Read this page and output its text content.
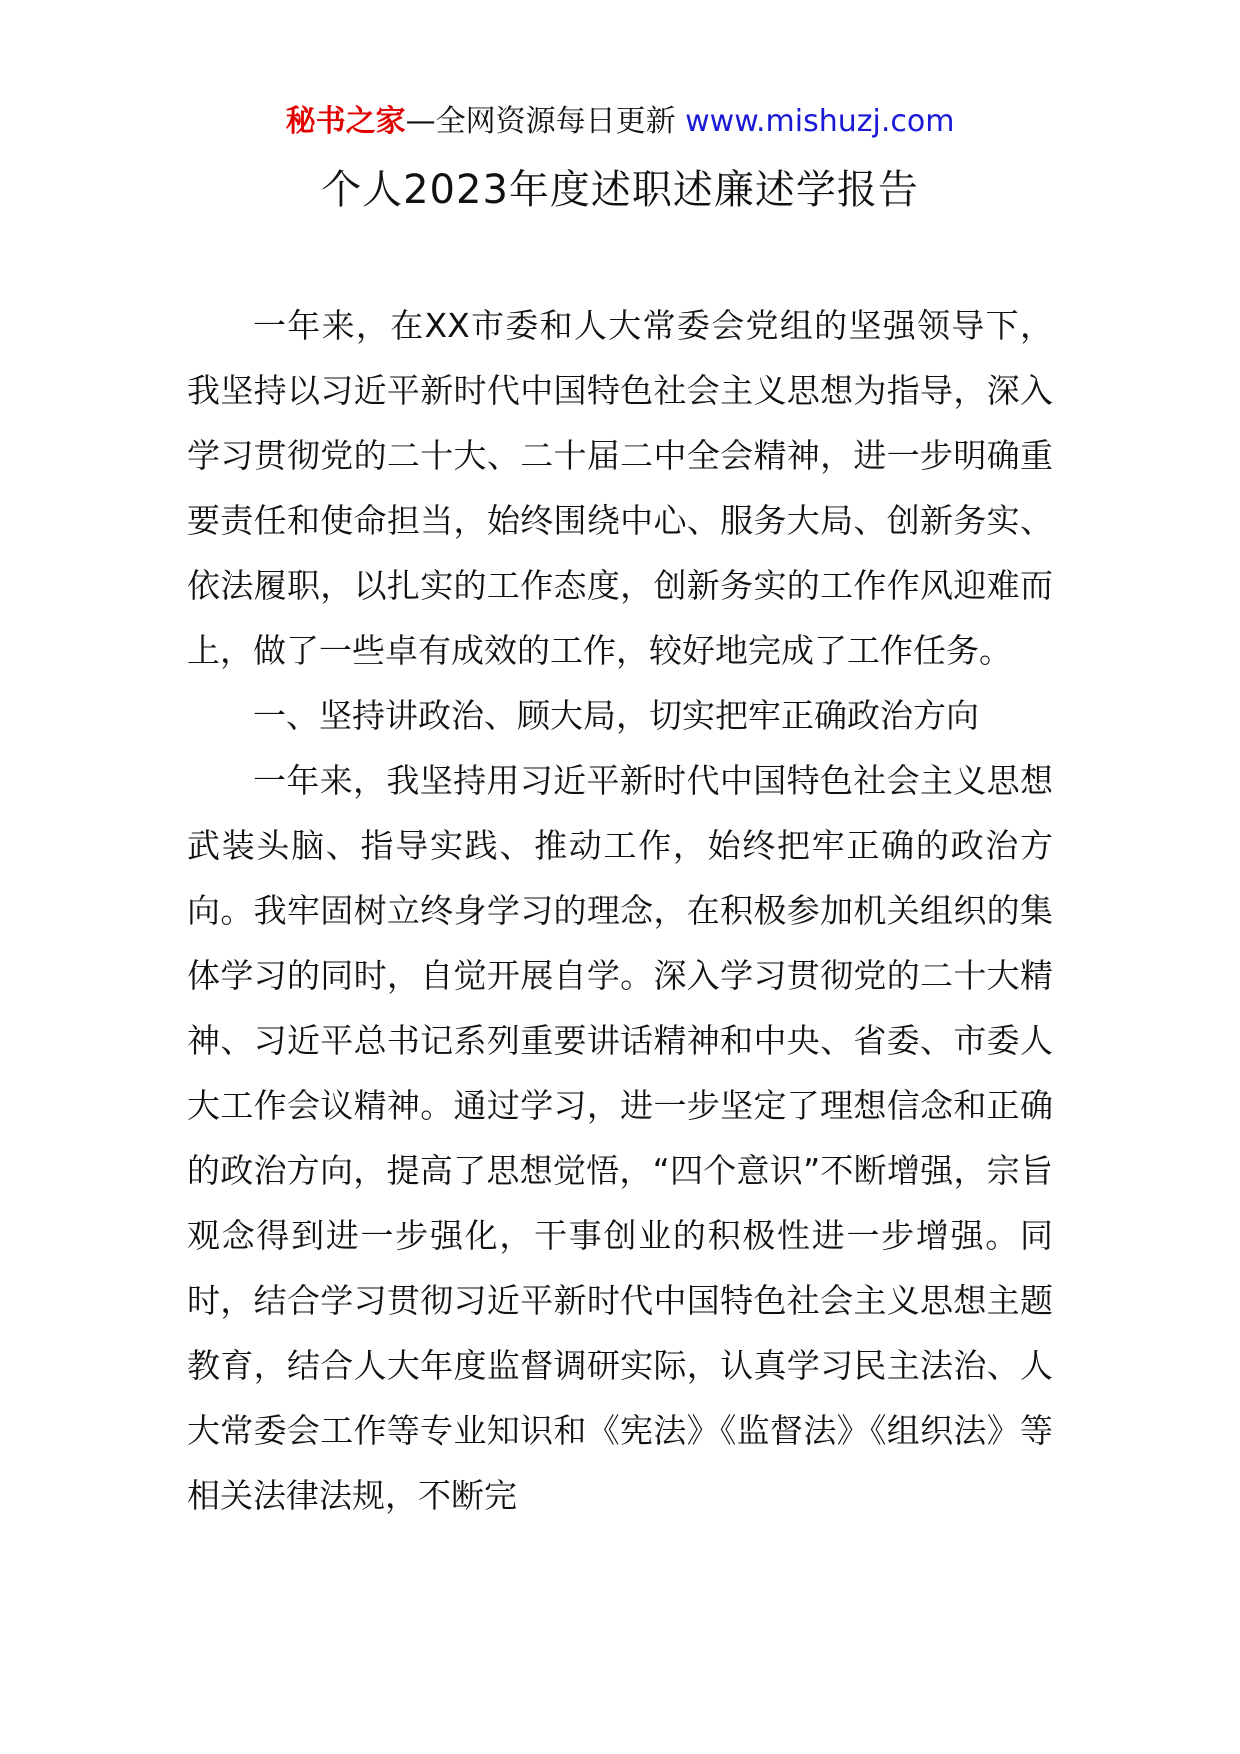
秘书之家—全网资源每日更新 www.mishuzj.com
个人2023年度述职述廉述学报告

一年来，在XX市委和人大常委会党组的坚强领导下，我坚持以习近平新时代中国特色社会主义思想为指导，深入学习贯彻党的二十大、二十届二中全会精神，进一步明确重要责任和使命担当，始终围绕中心、服务大局、创新务实、依法履职，以扎实的工作态度，创新务实的工作作风迎难而上，做了一些卓有成效的工作，较好地完成了工作任务。

一、坚持讲政治、顾大局，切实把牢正确政治方向

一年来，我坚持用习近平新时代中国特色社会主义思想武装头脑、指导实践、推动工作，始终把牢正确的政治方向。我牢固树立终身学习的理念，在积极参加机关组织的集体学习的同时，自觉开展自学。深入学习贯彻党的二十大精神、习近平总书记系列重要讲话精神和中央、省委、市委人大工作会议精神。通过学习，进一步坚定了理想信念和正确的政治方向，提高了思想觉悟，“四个意识”不断增强，宗旨观念得到进一步强化，干事创业的积极性进一步增强。同时，结合学习贯彻习近平新时代中国特色社会主义思想主题教育，结合人大年度监督调研实际，认真学习民主法治、人大常委会工作等专业知识和《宪法》《监督法》《组织法》等相关法律法规，不断完
